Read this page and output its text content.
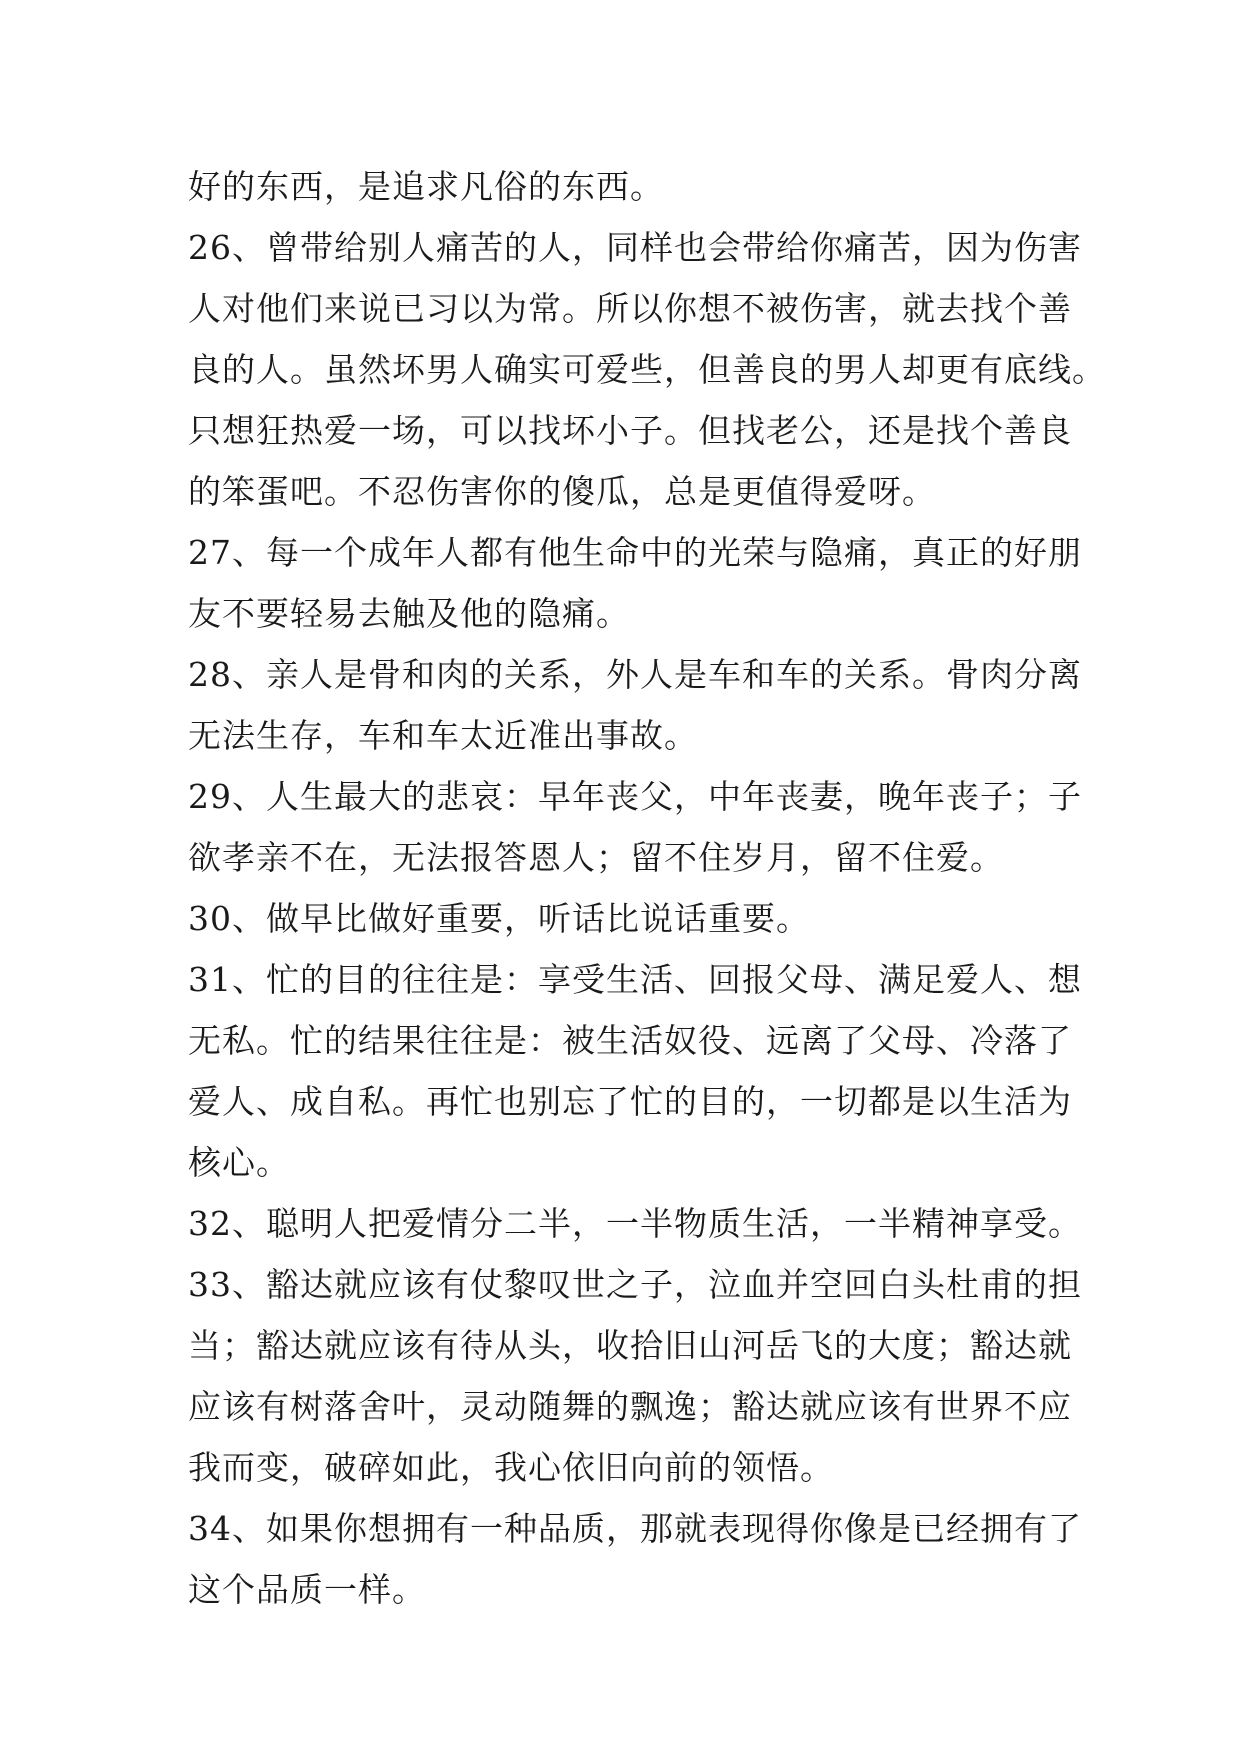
好的东西，是追求凡俗的东西。
26、曾带给别人痛苦的人，同样也会带给你痛苦，因为伤害
人对他们来说已习以为常。所以你想不被伤害，就去找个善
良的人。虽然坏男人确实可爱些，但善良的男人却更有底线。
只想狂热爱一场，可以找坏小子。但找老公，还是找个善良
的笨蛋吧。不忍伤害你的傻瓜，总是更值得爱呀。
27、每一个成年人都有他生命中的光荣与隐痛，真正的好朋
友不要轻易去触及他的隐痛。
28、亲人是骨和肉的关系，外人是车和车的关系。骨肉分离
无法生存，车和车太近准出事故。
29、人生最大的悲哀：早年丧父，中年丧妻，晚年丧子；子
欲孝亲不在，无法报答恩人；留不住岁月，留不住爱。
30、做早比做好重要，听话比说话重要。
31、忙的目的往往是：享受生活、回报父母、满足爱人、想
无私。忙的结果往往是：被生活奴役、远离了父母、冷落了
爱人、成自私。再忙也别忘了忙的目的，一切都是以生活为
核心。
32、聪明人把爱情分二半，一半物质生活，一半精神享受。
33、豁达就应该有仗黎叹世之子，泣血并空回白头杜甫的担
当；豁达就应该有待从头，收拾旧山河岳飞的大度；豁达就
应该有树落舍叶，灵动随舞的飘逸；豁达就应该有世界不应
我而变，破碎如此，我心依旧向前的领悟。
34、如果你想拥有一种品质，那就表现得你像是已经拥有了
这个品质一样。
